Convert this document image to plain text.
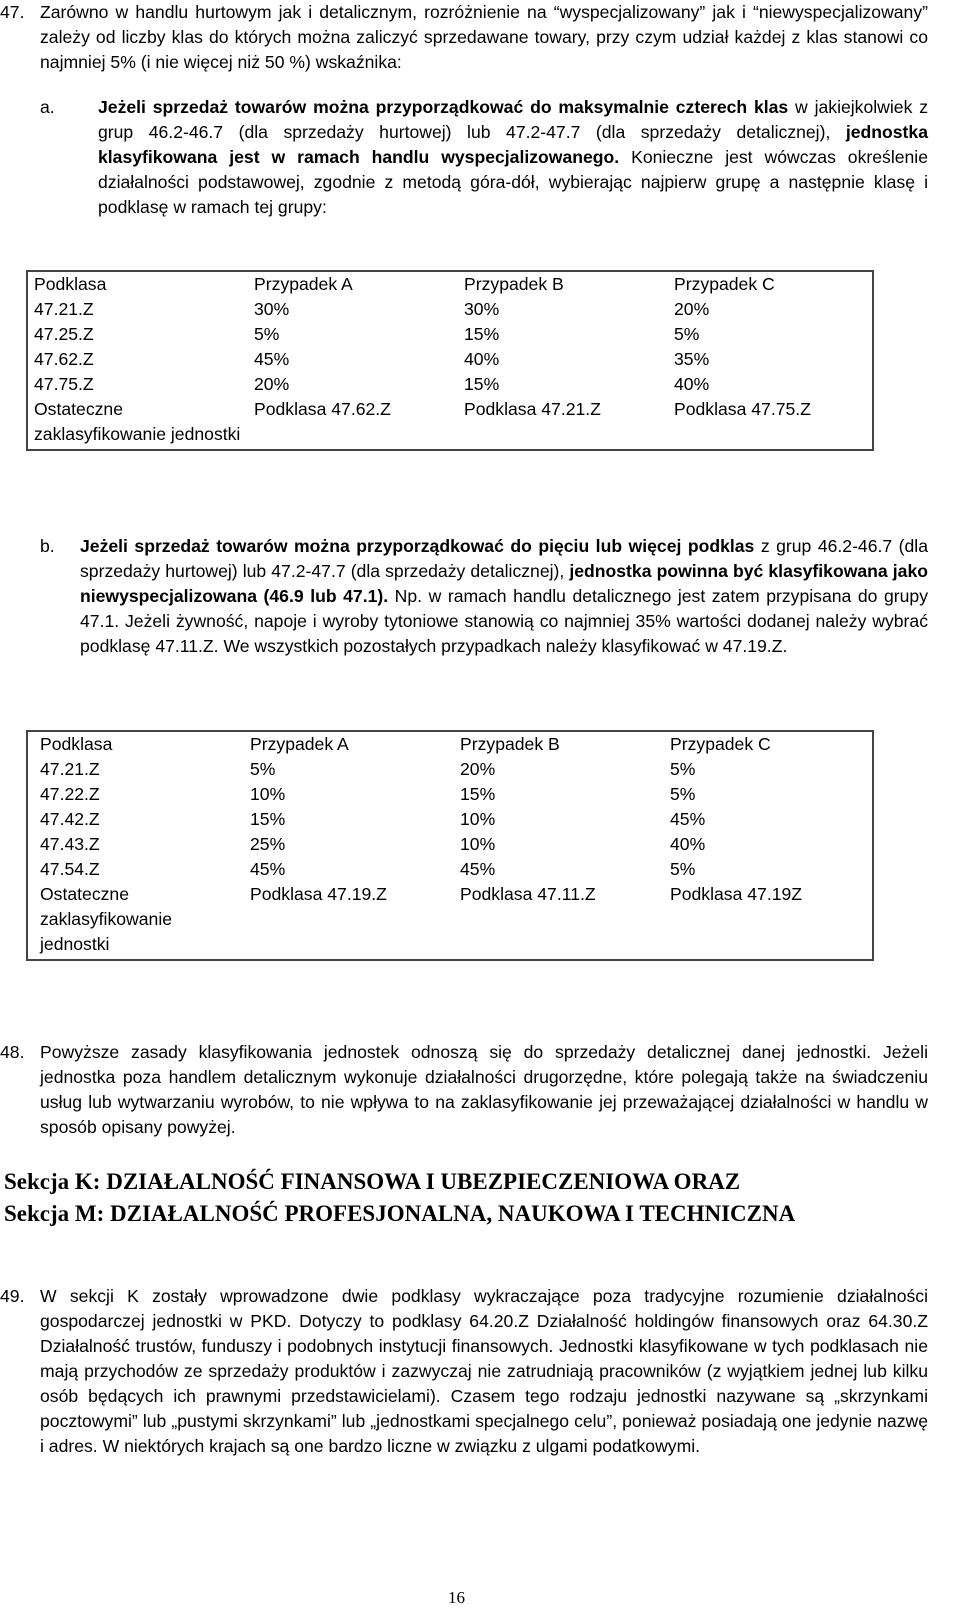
47. Zarówno w handlu hurtowym jak i detalicznym, rozróżnienie na “wyspecjalizowany” jak i “niewyspecjalizowany” zależy od liczby klas do których można zaliczyć sprzedawane towary, przy czym udział każdej z klas stanowi co najmniej 5% (i nie więcej niż 50 %) wskaźnika:
a. Jeżeli sprzedaż towarów można przyporządkować do maksymalnie czterech klas w jakiejkolwiek z grup 46.2-46.7 (dla sprzedaży hurtowej) lub 47.2-47.7 (dla sprzedaży detalicznej), jednostka klasyfikowana jest w ramach handlu wyspecjalizowanego. Konieczne jest wówczas określenie działalności podstawowej, zgodnie z metodą góra-dół, wybierając najpierw grupę a następnie klasę i podklasę w ramach tej grupy:
Podklasa	Przypadek A	Przypadek B	Przypadek C
47.21.Z	30%	30%	20%
47.25.Z	5%	15%	5%
47.62.Z	45%	40%	35%
47.75.Z	20%	15%	40%
Ostateczne zaklasyfikowanie jednostki	Podklasa 47.62.Z	Podklasa 47.21.Z	Podklasa 47.75.Z
b. Jeżeli sprzedaż towarów można przyporządkować do pięciu lub więcej podklas z grup 46.2-46.7 (dla sprzedaży hurtowej) lub 47.2-47.7 (dla sprzedaży detalicznej), jednostka powinna być klasyfikowana jako niewyspecjalizowana (46.9 lub 47.1). Np. w ramach handlu detalicznego jest zatem przypisana do grupy 47.1. Jeżeli żywność, napoje i wyroby tytoniowe stanowią co najmniej 35% wartości dodanej należy wybrać podklasę 47.11.Z. We wszystkich pozostałych przypadkach należy klasyfikować w 47.19.Z.
Podklasa	Przypadek A	Przypadek B	Przypadek C
47.21.Z	5%	20%	5%
47.22.Z	10%	15%	5%
47.42.Z	15%	10%	45%
47.43.Z	25%	10%	40%
47.54.Z	45%	45%	5%

Ostateczne zaklasyfikowanie jednostki	Podklasa 47.19.Z	Podklasa 47.11.Z	Podklasa 47.19Z
48. Powyższe zasady klasyfikowania jednostek odnoszą się do sprzedaży detalicznej danej jednostki. Jeżeli jednostka poza handlem detalicznym wykonuje działalności drugorzędne, które polegają także na świadczeniu usług lub wytwarzaniu wyrobów, to nie wpływa to na zaklasyfikowanie jej przeważającej działalności w handlu w sposób opisany powyżej.
Sekcja K: DZIAŁALNOŚĆ FINANSOWA I UBEZPIECZENIOWA ORAZ
Sekcja M: DZIAŁALNOŚĆ PROFESJONALNA, NAUKOWA I TECHNICZNA
49. W sekcji K zostały wprowadzone dwie podklasy wykraczające poza tradycyjne rozumienie działalności gospodarczej jednostki w PKD. Dotyczy to podklasy 64.20.Z Działalność holdingów finansowych oraz 64.30.Z Działalność trustów, funduszy i podobnych instytucji finansowych. Jednostki klasyfikowane w tych podklasach nie mają przychodów ze sprzedaży produktów i zazwyczaj nie zatrudniają pracowników (z wyjątkiem jednej lub kilku osób będących ich prawnymi przedstawicielami). Czasem tego rodzaju jednostki nazywane są „skrzynkami pocztowymi” lub „pustymi skrzynkami” lub „jednostkami specjalnego celu”, ponieważ posiadają one jedynie nazwę i adres. W niektórych krajach są one bardzo liczne w związku z ulgami podatkowymi.
16
